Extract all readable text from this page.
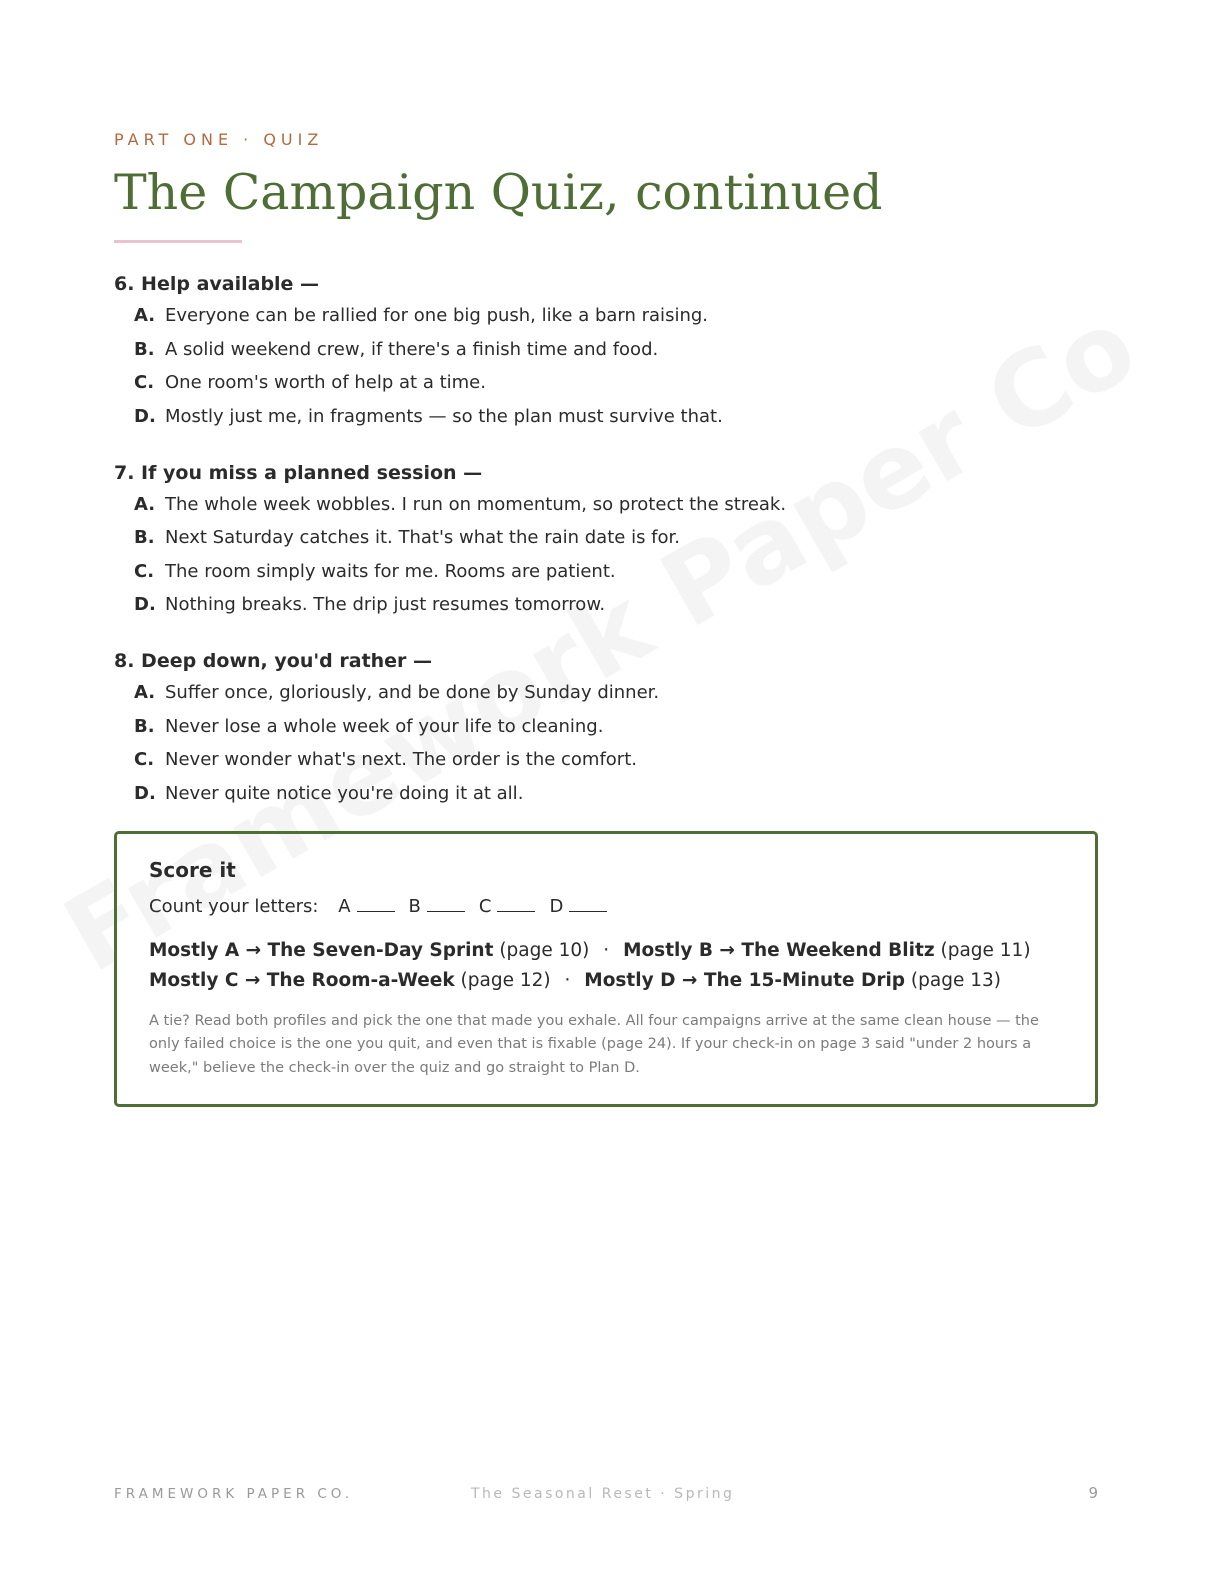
PART ONE · QUIZ
The Campaign Quiz, continued
6. Help available —
A. Everyone can be rallied for one big push, like a barn raising.
B. A solid weekend crew, if there's a finish time and food.
C. One room's worth of help at a time.
D. Mostly just me, in fragments — so the plan must survive that.
7. If you miss a planned session —
A. The whole week wobbles. I run on momentum, so protect the streak.
B. Next Saturday catches it. That's what the rain date is for.
C. The room simply waits for me. Rooms are patient.
D. Nothing breaks. The drip just resumes tomorrow.
8. Deep down, you'd rather —
A. Suffer once, gloriously, and be done by Sunday dinner.
B. Never lose a whole week of your life to cleaning.
C. Never wonder what's next. The order is the comfort.
D. Never quite notice you're doing it at all.
Score it
Count your letters: A	B	C	D
Mostly A → The Seven-Day Sprint (page 10) · Mostly B → The Weekend Blitz (page 11)
Mostly C → The Room-a-Week (page 12) · Mostly D → The 15-Minute Drip (page 13)
A tie? Read both profiles and pick the one that made you exhale. All four campaigns arrive at the same clean house — the only failed choice is the one you quit, and even that is fixable (page 24). If your check-in on page 3 said "under 2 hours a week," believe the check-in over the quiz and go straight to Plan D.
FRAMEWORK PAPER CO.	The Seasonal Reset · Spring	9
